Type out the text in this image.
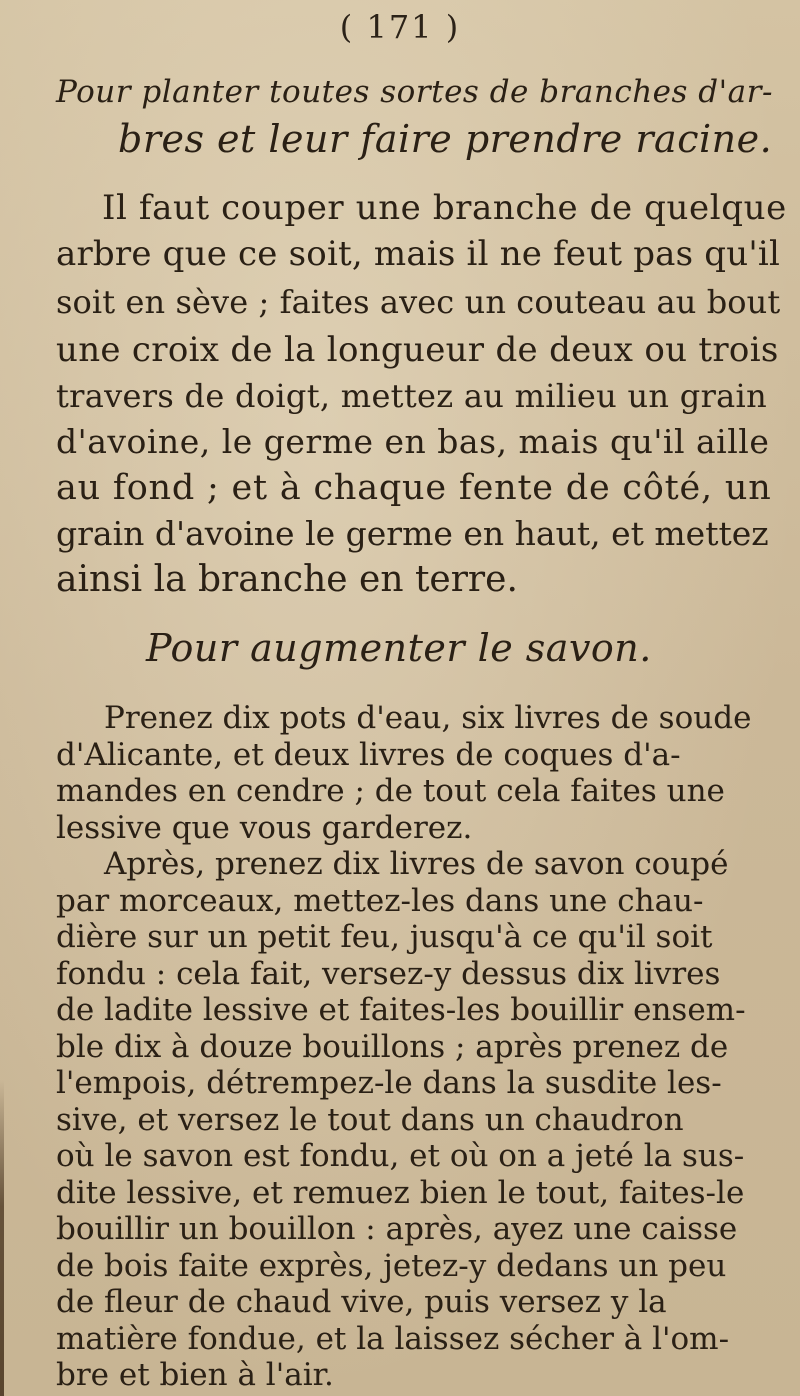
( 171 )
Pour planter toutes sortes de branches d'ar-
bres et leur faire prendre racine.
Il faut couper une branche de quelque
arbre que ce soit, mais il ne feut pas qu'il
soit en sève ; faites avec un couteau au bout
une croix de la longueur de deux ou trois
travers de doigt, mettez au milieu un grain
d'avoine, le germe en bas, mais qu'il aille
au fond ; et à chaque fente de côté, un
grain d'avoine le germe en haut, et mettez
ainsi la branche en terre.
Pour augmenter le savon.
Prenez dix pots d'eau, six livres de soude
d'Alicante, et deux livres de coques d'a-
mandes en cendre ; de tout cela faites une
lessive que vous garderez.
Après, prenez dix livres de savon coupé
par morceaux, mettez-les dans une chau-
dière sur un petit feu, jusqu'à ce qu'il soit
fondu : cela fait, versez-y dessus dix livres
de ladite lessive et faites-les bouillir ensem-
ble dix à douze bouillons ; après prenez de
l'empois, détrempez-le dans la susdite les-
sive, et versez le tout dans un chaudron
où le savon est fondu, et où on a jeté la sus-
dite lessive, et remuez bien le tout, faites-le
bouillir un bouillon : après, ayez une caisse
de bois faite exprès, jetez-y dedans un peu
de fleur de chaud vive, puis versez y la
matière fondue, et la laissez sécher à l'om-
bre et bien à l'air.
